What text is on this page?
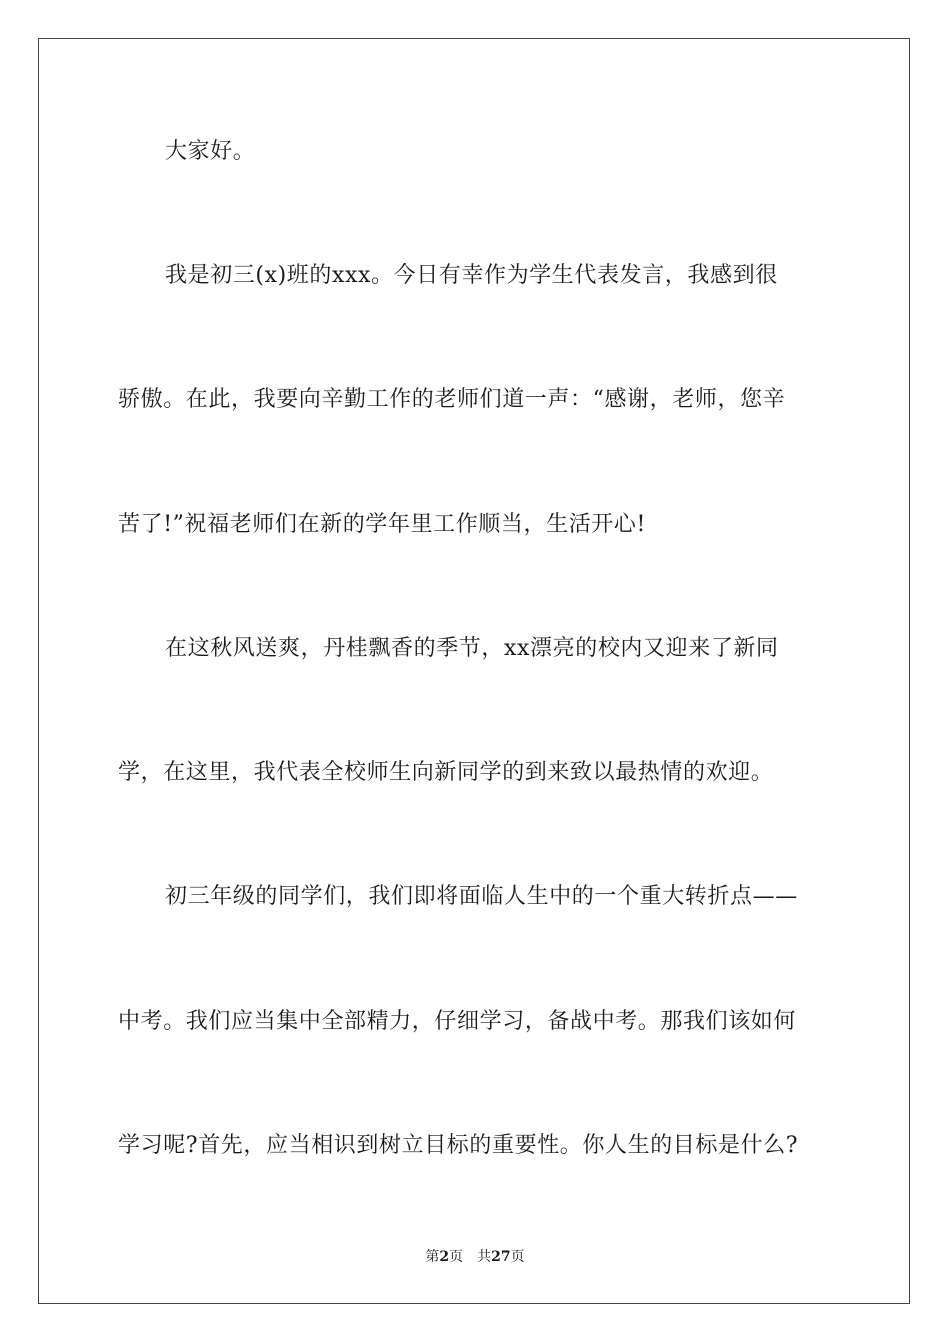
大家好。
我是初三(x)班的xxx。今日有幸作为学生代表发言，我感到很
骄傲。在此，我要向辛勤工作的老师们道一声：“感谢，老师，您辛
苦了!”祝福老师们在新的学年里工作顺当，生活开心!
在这秋风送爽，丹桂飘香的季节，xx漂亮的校内又迎来了新同
学，在这里，我代表全校师生向新同学的到来致以最热情的欢迎。
初三年级的同学们，我们即将面临人生中的一个重大转折点——
中考。我们应当集中全部精力，仔细学习，备战中考。那我们该如何
学习呢?首先，应当相识到树立目标的重要性。你人生的目标是什么?
第2页 共27页
